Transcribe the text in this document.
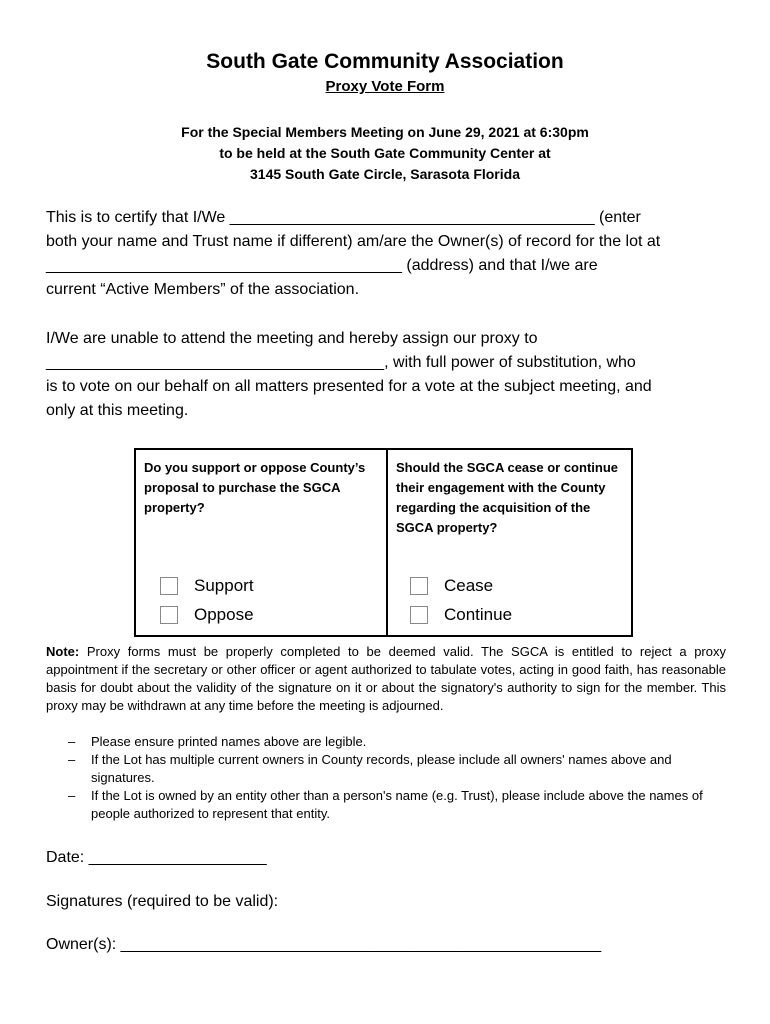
South Gate Community Association
Proxy Vote Form
For the Special Members Meeting on June 29, 2021 at 6:30pm
to be held at the South Gate Community Center at
3145 South Gate Circle, Sarasota Florida
This is to certify that I/We _________________________________________ (enter
both your name and Trust name if different) am/are the Owner(s) of record for the lot at
________________________________________ (address) and that I/we are
current “Active Members” of the association.
I/We are unable to attend the meeting and hereby assign our proxy to
______________________________________, with full power of substitution, who
is to vote on our behalf on all matters presented for a vote at the subject meeting, and
only at this meeting.
Do you support or oppose County’s proposal to purchase the SGCA property?
Support
Oppose
Should the SGCA cease or continue their engagement with the County regarding the acquisition of the SGCA property?
Cease
Continue
Note: Proxy forms must be properly completed to be deemed valid. The SGCA is entitled to reject a proxy appointment if the secretary or other officer or agent authorized to tabulate votes, acting in good faith, has reasonable basis for doubt about the validity of the signature on it or about the signatory's authority to sign for the member. This proxy may be withdrawn at any time before the meeting is adjourned.
– Please ensure printed names above are legible.
– If the Lot has multiple current owners in County records, please include all owners' names above and signatures.
– If the Lot is owned by an entity other than a person's name (e.g. Trust), please include above the names of people authorized to represent that entity.
Date: ____________________
Signatures (required to be valid):
Owner(s): ______________________________________________________
